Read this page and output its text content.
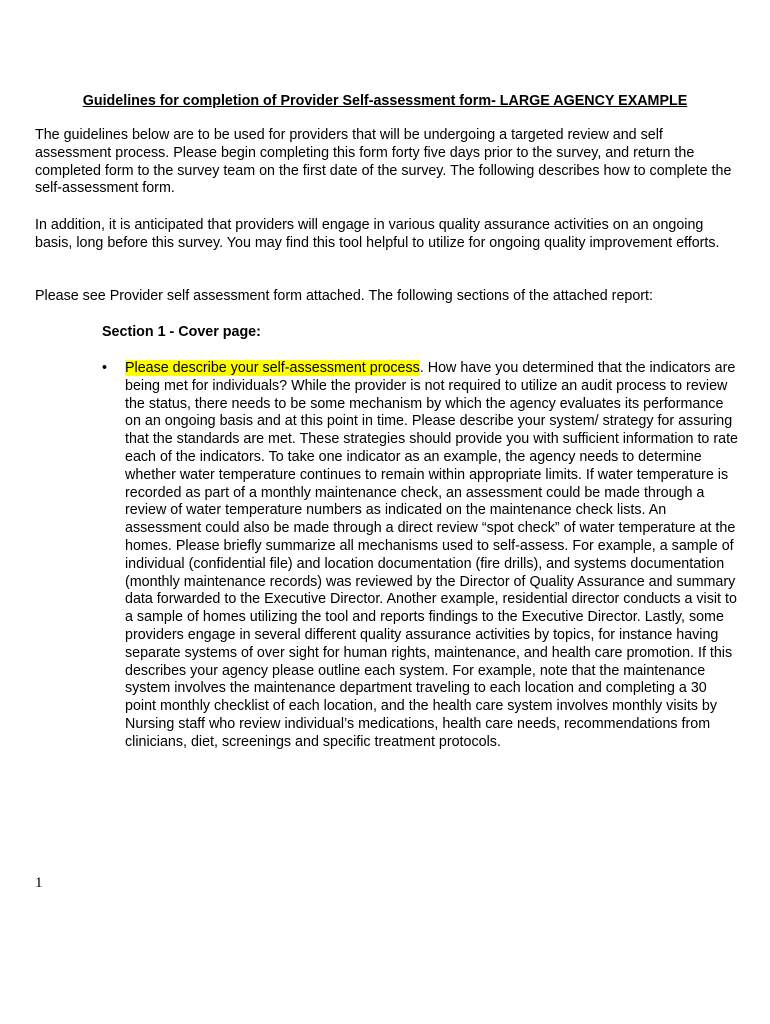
Guidelines for completion of Provider Self-assessment form- LARGE AGENCY EXAMPLE

The guidelines below are to be used for providers that will be undergoing a targeted review and self assessment process. Please begin completing this form forty five days prior to the survey, and return the completed form to the survey team on the first date of the survey. The following describes how to complete the self-assessment form.

In addition, it is anticipated that providers will engage in various quality assurance activities on an ongoing basis, long before this survey. You may find this tool helpful to utilize for ongoing quality improvement efforts.

Please see Provider self assessment form attached. The following sections of the attached report:

Section 1 - Cover page:

•	Please describe your self-assessment process. How have you determined that the indicators are being met for individuals? While the provider is not required to utilize an audit process to review the status, there needs to be some mechanism by which the agency evaluates its performance on an ongoing basis and at this point in time. Please describe your system/ strategy for assuring that the standards are met. These strategies should provide you with sufficient information to rate each of the indicators. To take one indicator as an example, the agency needs to determine whether water temperature continues to remain within appropriate limits. If water temperature is recorded as part of a monthly maintenance check, an assessment could be made through a review of water temperature numbers as indicated on the maintenance check lists. An assessment could also be made through a direct review “spot check” of water temperature at the homes. Please briefly summarize all mechanisms used to self-assess. For example, a sample of individual (confidential file) and location documentation (fire drills), and systems documentation (monthly maintenance records) was reviewed by the Director of Quality Assurance and summary data forwarded to the Executive Director. Another example, residential director conducts a visit to a sample of homes utilizing the tool and reports findings to the Executive Director. Lastly, some providers engage in several different quality assurance activities by topics, for instance having separate systems of over sight for human rights, maintenance, and health care promotion. If this describes your agency please outline each system. For example, note that the maintenance system involves the maintenance department traveling to each location and completing a 30 point monthly checklist of each location, and the health care system involves monthly visits by Nursing staff who review individual’s medications, health care needs, recommendations from clinicians, diet, screenings and specific treatment protocols.

1
